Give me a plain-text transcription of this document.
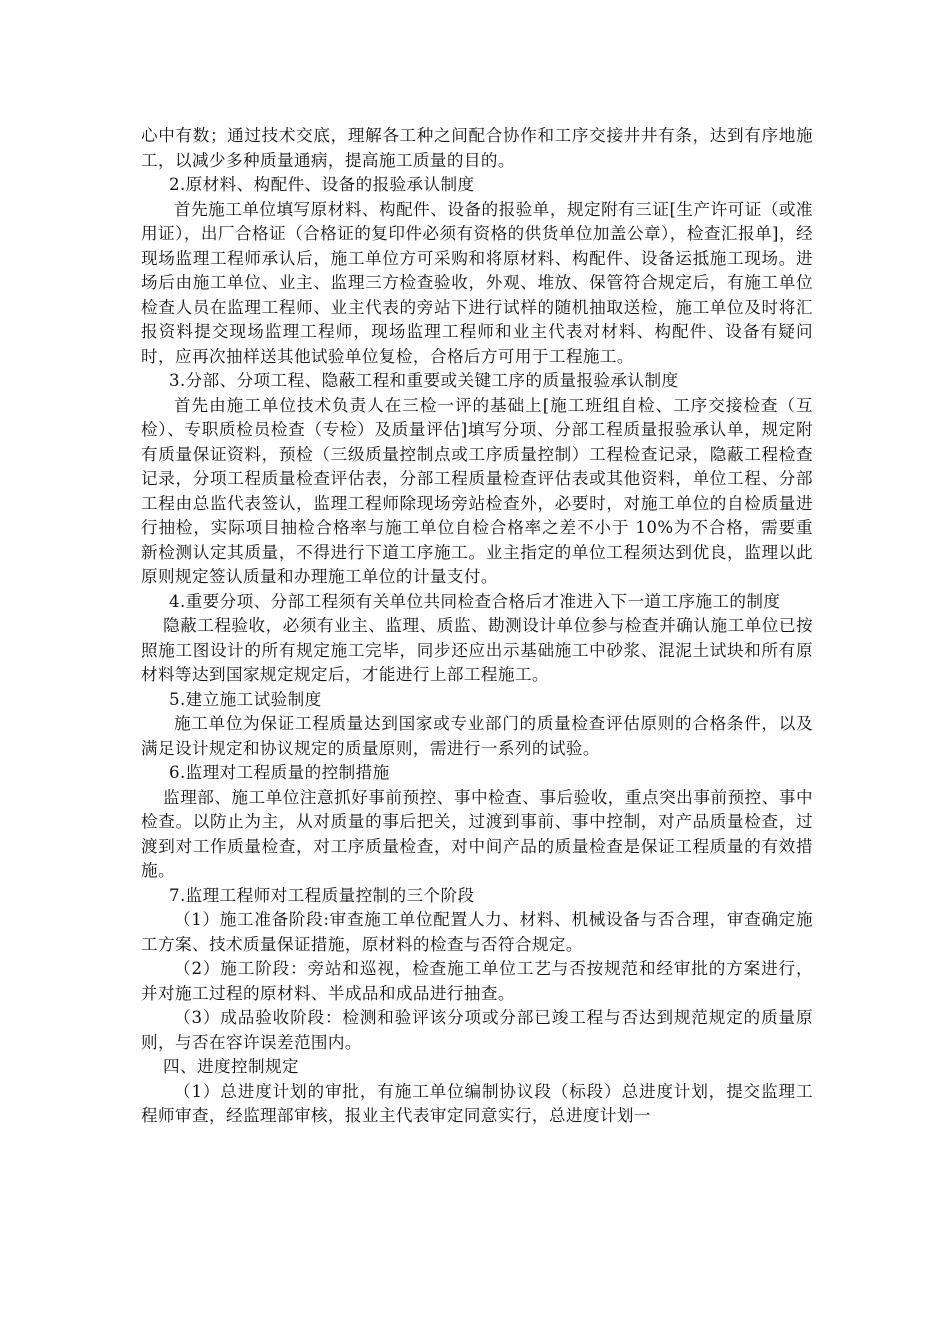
心中有数；通过技术交底，理解各工种之间配合协作和工序交接井井有条，达到有序地施工，以减少多种质量通病，提高施工质量的目的。

2.原材料、构配件、设备的报验承认制度

首先施工单位填写原材料、构配件、设备的报验单，规定附有三证[生产许可证（或准用证），出厂合格证（合格证的复印件必须有资格的供货单位加盖公章），检查汇报单]，经现场监理工程师承认后，施工单位方可采购和将原材料、构配件、设备运抵施工现场。进场后由施工单位、业主、监理三方检查验收，外观、堆放、保管符合规定后，有施工单位检查人员在监理工程师、业主代表的旁站下进行试样的随机抽取送检，施工单位及时将汇报资料提交现场监理工程师，现场监理工程师和业主代表对材料、构配件、设备有疑问时，应再次抽样送其他试验单位复检，合格后方可用于工程施工。

3.分部、分项工程、隐蔽工程和重要或关键工序的质量报验承认制度

首先由施工单位技术负责人在三检一评的基础上[施工班组自检、工序交接检查（互检）、专职质检员检查（专检）及质量评估]填写分项、分部工程质量报验承认单，规定附有质量保证资料，预检（三级质量控制点或工序质量控制）工程检查记录，隐蔽工程检查记录，分项工程质量检查评估表，分部工程质量检查评估表或其他资料，单位工程、分部工程由总监代表签认，监理工程师除现场旁站检查外，必要时，对施工单位的自检质量进行抽检，实际项目抽检合格率与施工单位自检合格率之差不小于 10%为不合格，需要重新检测认定其质量，不得进行下道工序施工。业主指定的单位工程须达到优良，监理以此原则规定签认质量和办理施工单位的计量支付。

4.重要分项、分部工程须有关单位共同检查合格后才准进入下一道工序施工的制度

隐蔽工程验收，必须有业主、监理、质监、勘测设计单位参与检查并确认施工单位已按照施工图设计的所有规定施工完毕，同步还应出示基础施工中砂浆、混泥土试块和所有原材料等达到国家规定规定后，才能进行上部工程施工。

5.建立施工试验制度

施工单位为保证工程质量达到国家或专业部门的质量检查评估原则的合格条件，以及满足设计规定和协议规定的质量原则，需进行一系列的试验。

6.监理对工程质量的控制措施

监理部、施工单位注意抓好事前预控、事中检查、事后验收，重点突出事前预控、事中检查。以防止为主，从对质量的事后把关，过渡到事前、事中控制，对产品质量检查，过渡到对工作质量检查，对工序质量检查，对中间产品的质量检查是保证工程质量的有效措施。

7.监理工程师对工程质量控制的三个阶段

（1）施工准备阶段:审查施工单位配置人力、材料、机械设备与否合理，审查确定施工方案、技术质量保证措施，原材料的检查与否符合规定。

（2）施工阶段：旁站和巡视，检查施工单位工艺与否按规范和经审批的方案进行，并对施工过程的原材料、半成品和成品进行抽查。

（3）成品验收阶段：检测和验评该分项或分部已竣工程与否达到规范规定的质量原则，与否在容许误差范围内。

四、进度控制规定

（1）总进度计划的审批，有施工单位编制协议段（标段）总进度计划，提交监理工程师审查，经监理部审核，报业主代表审定同意实行，总进度计划一
